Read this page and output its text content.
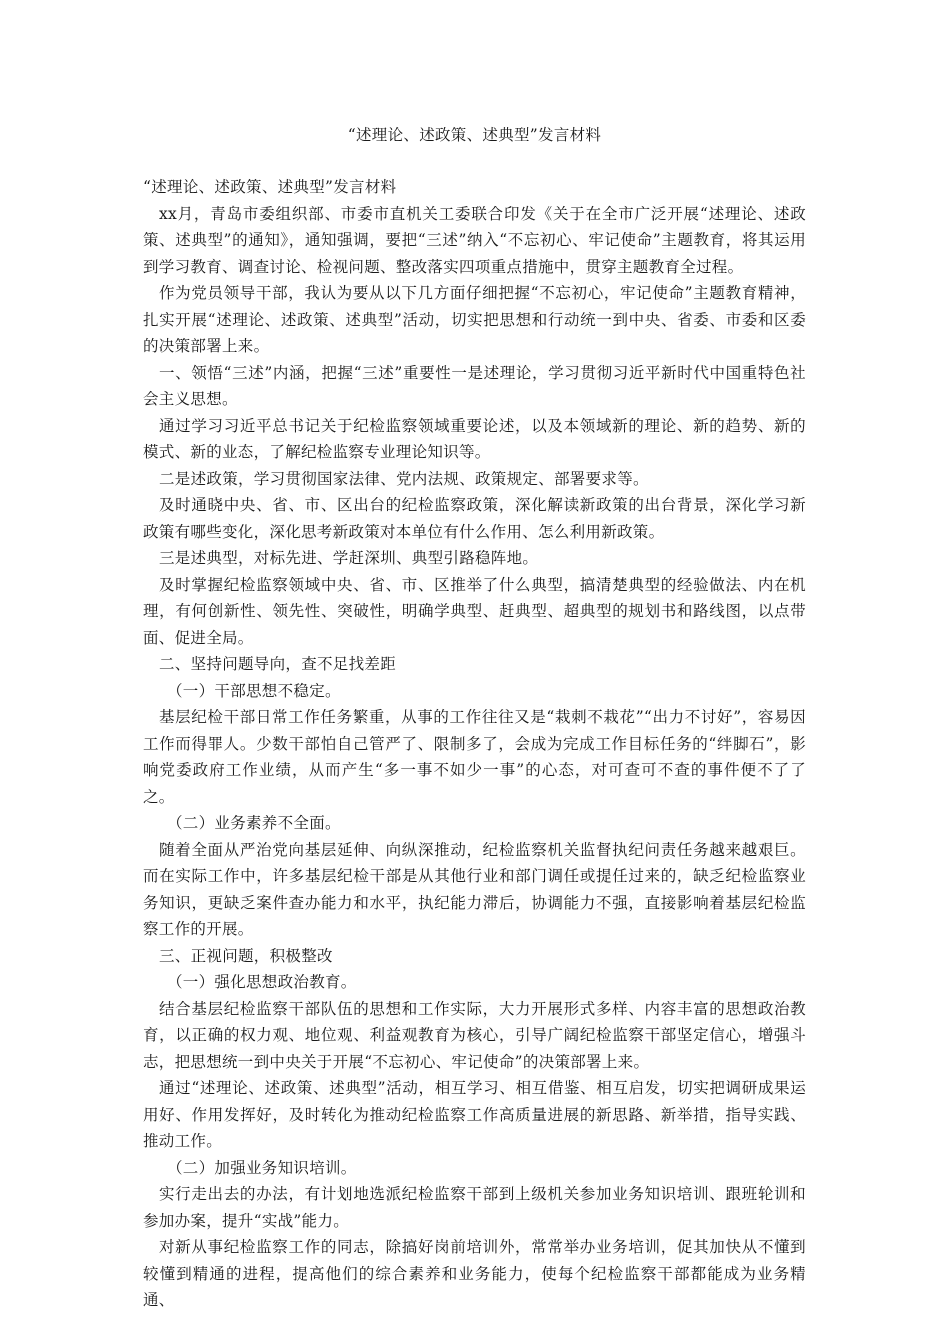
“述理论、述政策、述典型”发言材料

“述理论、述政策、述典型”发言材料

xx月，青岛市委组织部、市委市直机关工委联合印发《关于在全市广泛开展“述理论、述政策、述典型”的通知》，通知强调，要把“三述”纳入“不忘初心、牢记使命”主题教育，将其运用到学习教育、调查讨论、检视问题、整改落实四项重点措施中，贯穿主题教育全过程。

作为党员领导干部，我认为要从以下几方面仔细把握“不忘初心，牢记使命”主题教育精神，扎实开展“述理论、述政策、述典型”活动，切实把思想和行动统一到中央、省委、市委和区委的决策部署上来。

一、领悟“三述”内涵，把握“三述”重要性一是述理论，学习贯彻习近平新时代中国重特色社会主义思想。

通过学习习近平总书记关于纪检监察领域重要论述，以及本领域新的理论、新的趋势、新的模式、新的业态，了解纪检监察专业理论知识等。

二是述政策，学习贯彻国家法律、党内法规、政策规定、部署要求等。

及时通晓中央、省、市、区出台的纪检监察政策，深化解读新政策的出台背景，深化学习新政策有哪些变化，深化思考新政策对本单位有什么作用、怎么利用新政策。

三是述典型，对标先进、学赶深圳、典型引路稳阵地。

及时掌握纪检监察领域中央、省、市、区推举了什么典型，搞清楚典型的经验做法、内在机理，有何创新性、领先性、突破性，明确学典型、赶典型、超典型的规划书和路线图，以点带面、促进全局。

二、坚持问题导向，查不足找差距

（一）干部思想不稳定。

基层纪检干部日常工作任务繁重，从事的工作往往又是“栽刺不栽花”“出力不讨好”，容易因工作而得罪人。少数干部怕自己管严了、限制多了，会成为完成工作目标任务的“绊脚石”，影响党委政府工作业绩，从而产生“多一事不如少一事”的心态，对可查可不查的事件便不了了之。

（二）业务素养不全面。

随着全面从严治党向基层延伸、向纵深推动，纪检监察机关监督执纪问责任务越来越艰巨。而在实际工作中，许多基层纪检干部是从其他行业和部门调任或提任过来的，缺乏纪检监察业务知识，更缺乏案件查办能力和水平，执纪能力滞后，协调能力不强，直接影响着基层纪检监察工作的开展。

三、正视问题，积极整改

（一）强化思想政治教育。

结合基层纪检监察干部队伍的思想和工作实际，大力开展形式多样、内容丰富的思想政治教育，以正确的权力观、地位观、利益观教育为核心，引导广阔纪检监察干部坚定信心，增强斗志，把思想统一到中央关于开展“不忘初心、牢记使命”的决策部署上来。

通过“述理论、述政策、述典型”活动，相互学习、相互借鉴、相互启发，切实把调研成果运用好、作用发挥好，及时转化为推动纪检监察工作高质量进展的新思路、新举措，指导实践、推动工作。

（二）加强业务知识培训。

实行走出去的办法，有计划地选派纪检监察干部到上级机关参加业务知识培训、跟班轮训和参加办案，提升“实战”能力。

对新从事纪检监察工作的同志，除搞好岗前培训外，常常举办业务培训，促其加快从不懂到较懂到精通的进程，提高他们的综合素养和业务能力，使每个纪检监察干部都能成为业务精通、
